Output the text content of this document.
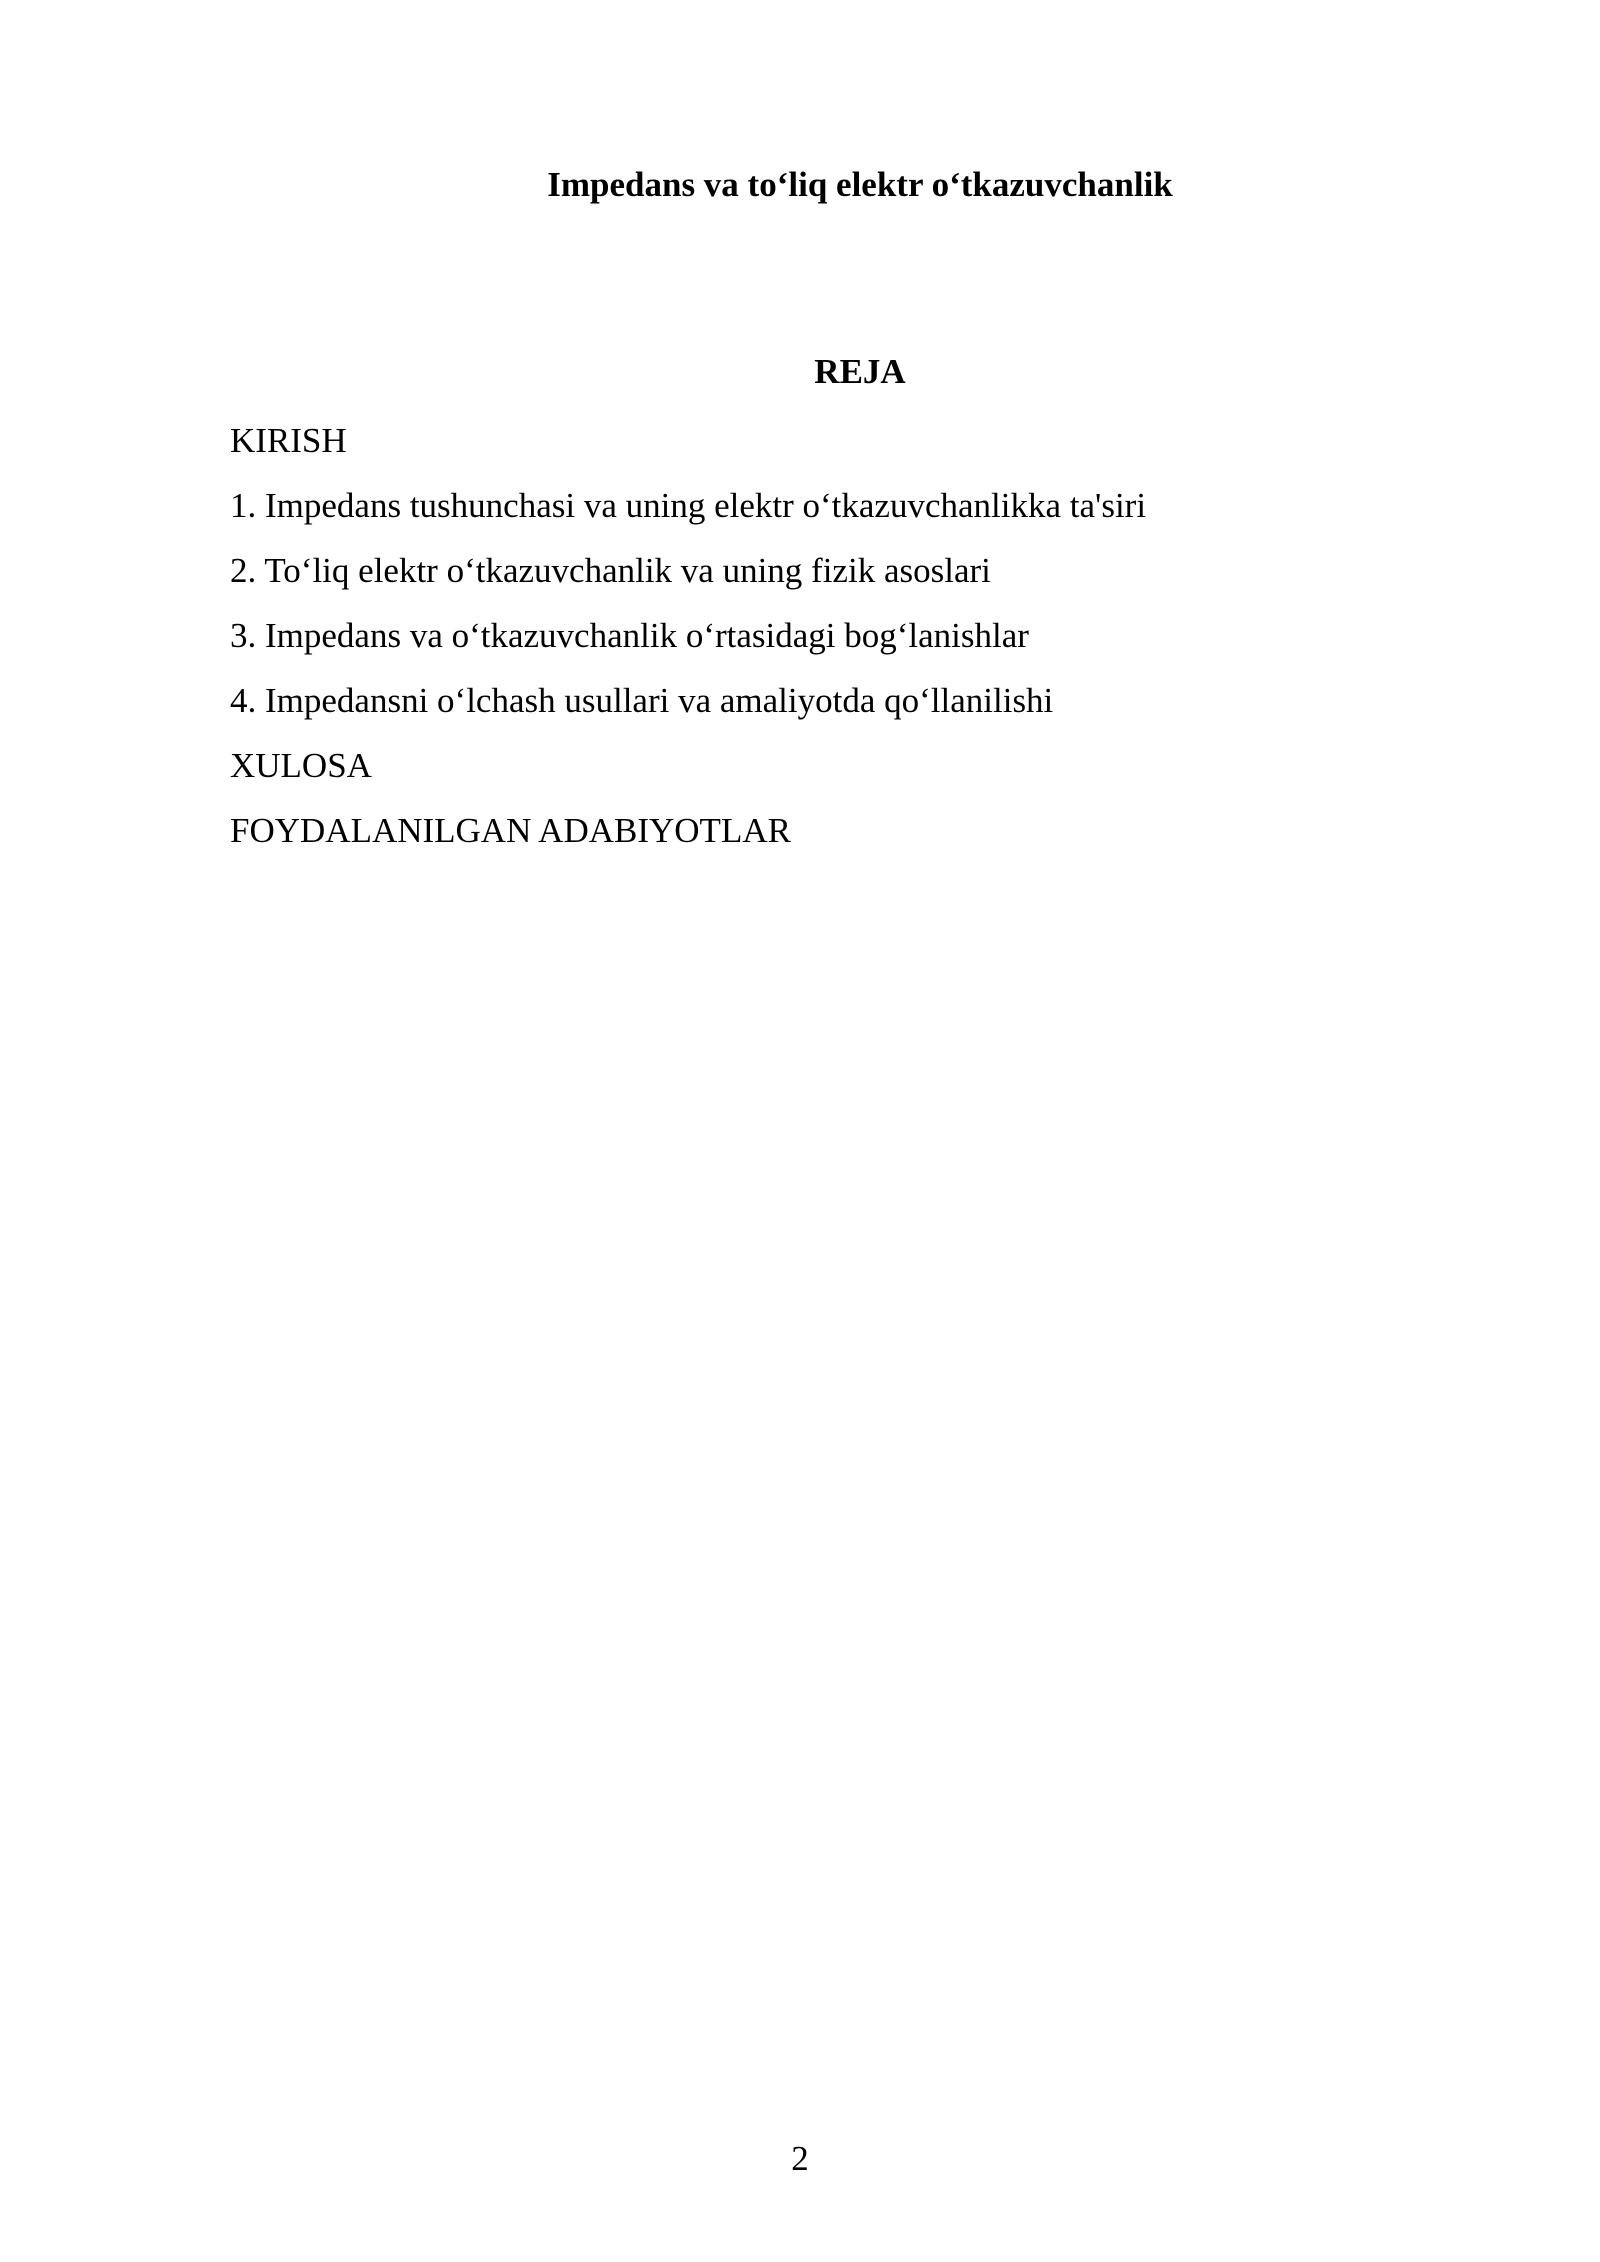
Impedans va to‘liq elektr o‘tkazuvchanlik
REJA
KIRISH
1. Impedans tushunchasi va uning elektr o‘tkazuvchanlikka ta'siri
2. To‘liq elektr o‘tkazuvchanlik va uning fizik asoslari
3. Impedans va o‘tkazuvchanlik o‘rtasidagi bog‘lanishlar
4. Impedansni o‘lchash usullari va amaliyotda qo‘llanilishi
XULOSA
FOYDALANILGAN ADABIYOTLAR
2
